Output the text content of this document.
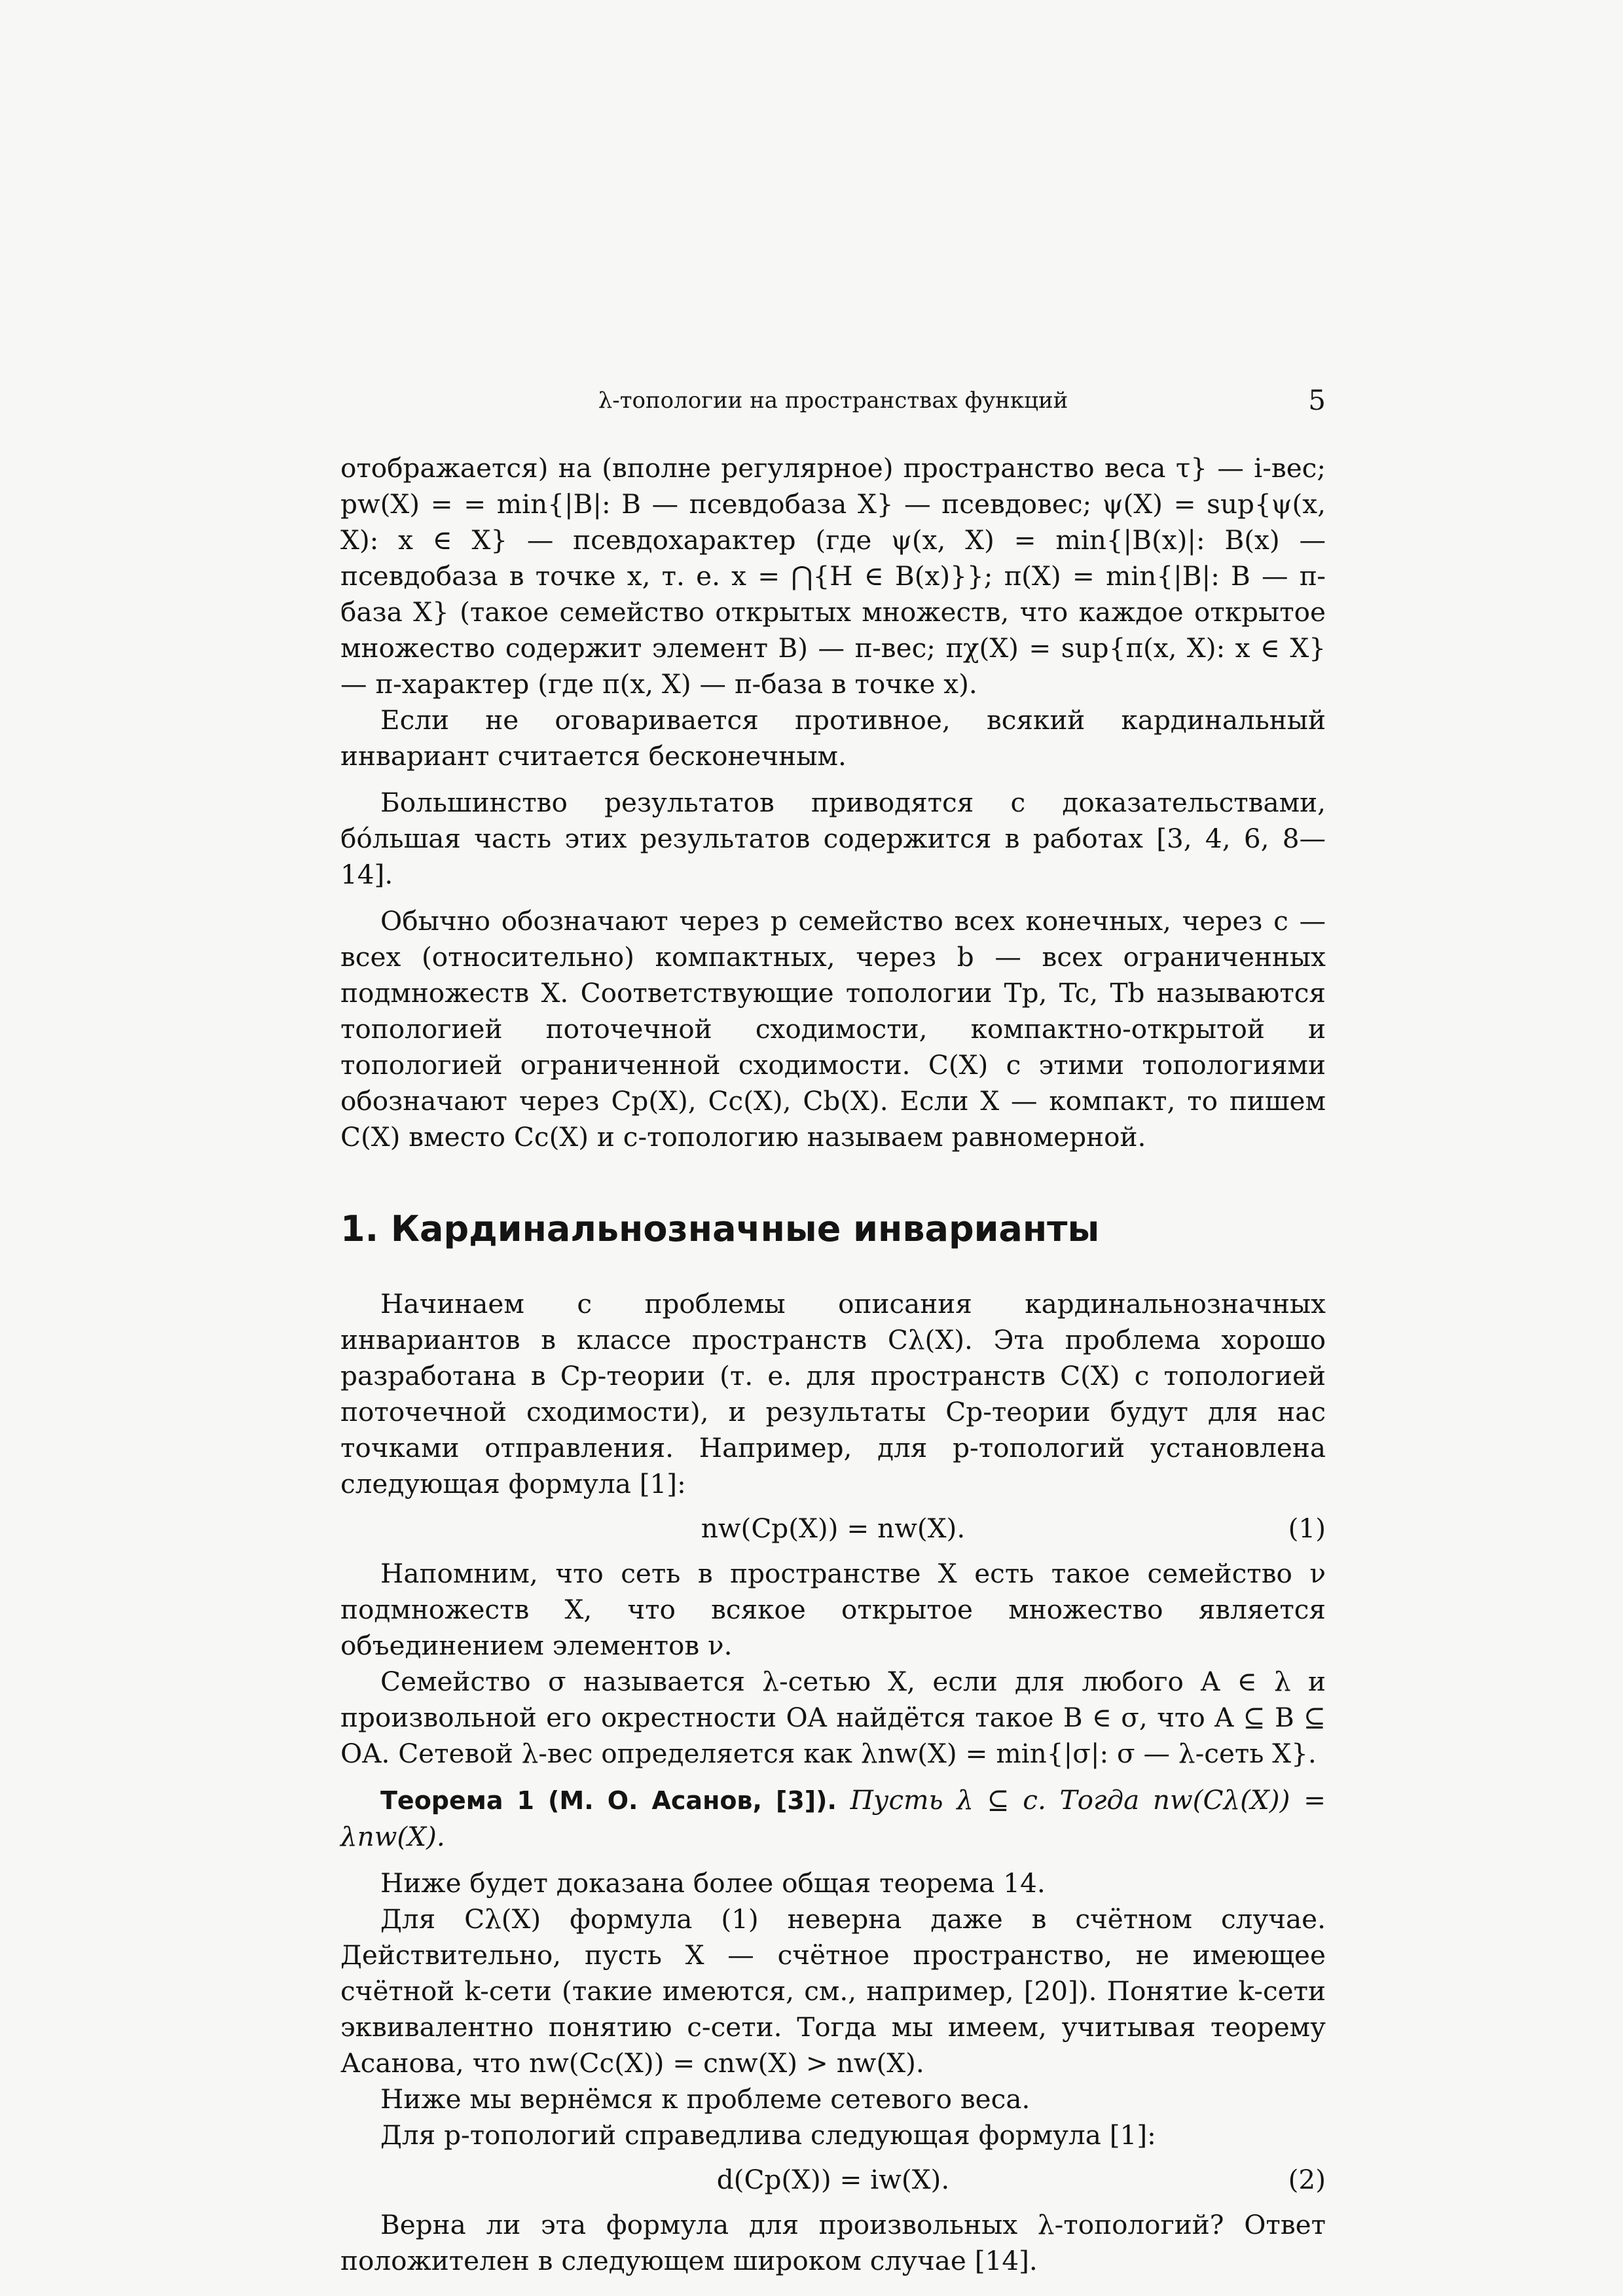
λ-топологии на пространствах функций	5

отображается) на (вполне регулярное) пространство веса τ} — i-вес; pw(X) = = min{|B|: B — псевдобаза X} — псевдовес; ψ(X) = sup{ψ(x, X): x ∈ X} — псевдохарактер (где ψ(x, X) = min{|B(x)|: B(x) — псевдобаза в точке x, т. е. x = ⋂{H ∈ B(x)}}; π(X) = min{|B|: B — π-база X} (такое семейство открытых множеств, что каждое открытое множество содержит элемент B) — π-вес; πχ(X) = sup{π(x, X): x ∈ X} — π-характер (где π(x, X) — π-база в точке x).

Если не оговаривается противное, всякий кардинальный инвариант считается бесконечным.

Большинство результатов приводятся с доказательствами, бóльшая часть этих результатов содержится в работах [3, 4, 6, 8—14].

Обычно обозначают через p семейство всех конечных, через c — всех (относительно) компактных, через b — всех ограниченных подмножеств X. Соответствующие топологии Tp, Tc, Tb называются топологией поточечной сходимости, компактно-открытой и топологией ограниченной сходимости. C(X) с этими топологиями обозначают через Cp(X), Cc(X), Cb(X). Если X — компакт, то пишем C(X) вместо Cc(X) и c-топологию называем равномерной.

1. Кардинальнозначные инварианты

Начинаем с проблемы описания кардинальнозначных инвариантов в классе пространств Cλ(X). Эта проблема хорошо разработана в Cp-теории (т. е. для пространств C(X) с топологией поточечной сходимости), и результаты Cp-теории будут для нас точками отправления. Например, для p-топологий установлена следующая формула [1]:

nw(Cp(X)) = nw(X).	(1)

Напомним, что сеть в пространстве X есть такое семейство ν подмножеств X, что всякое открытое множество является объединением элементов ν.

Семейство σ называется λ-сетью X, если для любого A ∈ λ и произвольной его окрестности OA найдётся такое B ∈ σ, что A ⊆ B ⊆ OA. Сетевой λ-вес определяется как λnw(X) = min{|σ|: σ — λ-сеть X}.

Теорема 1 (М. О. Асанов, [3]). Пусть λ ⊆ c. Тогда nw(Cλ(X)) = λnw(X).

Ниже будет доказана более общая теорема 14.

Для Cλ(X) формула (1) неверна даже в счётном случае. Действительно, пусть X — счётное пространство, не имеющее счётной k-сети (такие имеются, см., например, [20]). Понятие k-сети эквивалентно понятию c-сети. Тогда мы имеем, учитывая теорему Асанова, что nw(Cc(X)) = cnw(X) > nw(X).

Ниже мы вернёмся к проблеме сетевого веса.

Для p-топологий справедлива следующая формула [1]:

d(Cp(X)) = iw(X).	(2)

Верна ли эта формула для произвольных λ-топологий? Ответ положителен в следующем широком случае [14].
